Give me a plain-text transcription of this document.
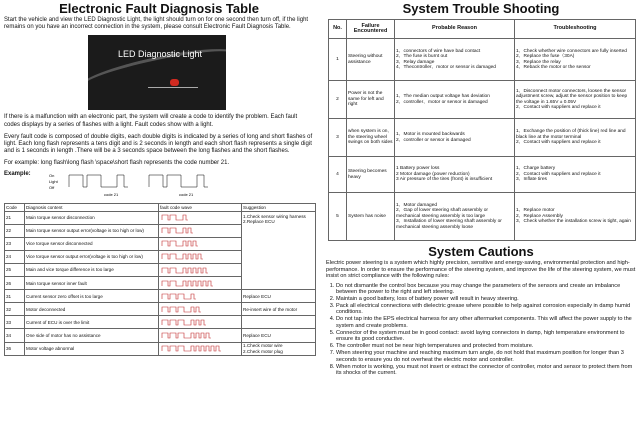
Electronic Fault Diagnosis Table

Start the vehicle and view the LED Diagnostic Light, the light should turn on for one second then turn off, if the light remains on you have an incorrect connection in the system, please consult Electronic Fault Diagnosis Table.

LED Diagnostic Light

If there is a malfunction with an electronic part, the system will create a code to identify the problem. Each fault codes displays by a series of flashes with a light. Fault codes show with a light.

Every fault code is composed of double digits, each double digits is indicated by a series of long and short flashes of light. Each long flash represents a tens digit and is 2 seconds in length and each short flash represents a single digit and is 1 seconds in length .There will be a 3 seconds space between the long flashes and the short flashes.

For example: long flash\long flash \space\short flash represents the code number 21.

Example:	On
Light
Off
code 21	code 21
Code	Diagnosis content	fault code wave	Suggestion
21	Main torque sensor disconnection		1.Check sensor wiring harness
2.Replace ECU
22	Main torque sensor output error(voltage is too high or low)	

23	Vice torque sensor disconnected	

24	Vice torque sensor output error(voltage is too high or low)	

25	Main and vice torque difference is too large	

26	Main torque sensor inner fault	

31	Current sensor zero offset is too large		Replace ECU
32	Motor deconnected		Re-insert wire of the motor
33	Current of ECU is over the limit	

34	One side of motor has no assistance		Replace ECU
36	Motor voltage abnormal		1.Check motor wire
2.Check motor plug
System Trouble Shooting
No.	Failure
Encountered	Probable Reason	Troubleshooting
1	Steering without assistance	1、connectors of wire have bad contact
2、The fuse is burnt out
3、Relay damage
4、Thecontroller、motor or sensor is damaged	1、Check whether wire connectors are fully inserted
2、Replace the fuse（30A)
3、Replace the relay
4、Reback the motor or the sensor
2	Power is not the same for left and right	1、The median output voltage has deviation
2、controller、motor or sensor is damaged	1、Disconnect motor connectors, loosen the sensor adjustment screw, adjust the sensor position to keep the voltage in 1.65V ± 0.05V
2、Contact with suppliers and replace it
3	when system is on, the steering wheel swings on both sides	1、Motor is mounted backwards
2、controller or sensor is damaged	1、Exchange the position of (thick line) red line and black line at the motor terminal
2、Contact with suppliers and replace it
4	Steering becomes heavy	1 Battery power loss
2 Motor damage (power reduction)
3 Air pressure of the tires (front) is insufficient	1、Charge battery
2、Contact with suppliers and replace it
3、Inflate tires
5	System has noise	1、Motor damaged
2、Gap of lower steering shaft assembly or mechanical steering assembly is too large
3、Installation of lower steering shaft assembly or mechanical steering assembly loose	1、Replace motor
2、Replace Assembly
3、Check whether the installation screw is tight, again
System Cautions

Electric power steering is a system which highly precision, sensitive and energy-saving, environmental protection and high-performance. In order to ensure the performance of the steering system, and improve the life of the steering system, we must insist on strict compliance with the following rules:

1. Do not dismantle the control box because you may change the parameters of the sensors and create an imbalance between the power to the right and left steering.
2. Maintain a good battery, loss of battery power will result in heavy steering.
3. Pack all electrical connections with dielectric grease where possible to help against corrosion especially in damp humid conditions.
4. Do not tap into the EPS electrical harness for any other aftermarket components. This will affect the power supply to the system and create problems.
5. Connector of the system must be in good contact: avoid laying connectors in damp, high temperature environment to ensure its good conductive.
6. The controller must not be near high temperatures and protected from moisture.
7. When steering your machine and reaching maximum turn angle, do not hold that maximum position for longer than 3 seconds to ensure you do not overheat the electric motor and controller.
8. When motor is working, you must not insert or extract the connector of controller, motor and sensor to protect them from its shocks of the current.
